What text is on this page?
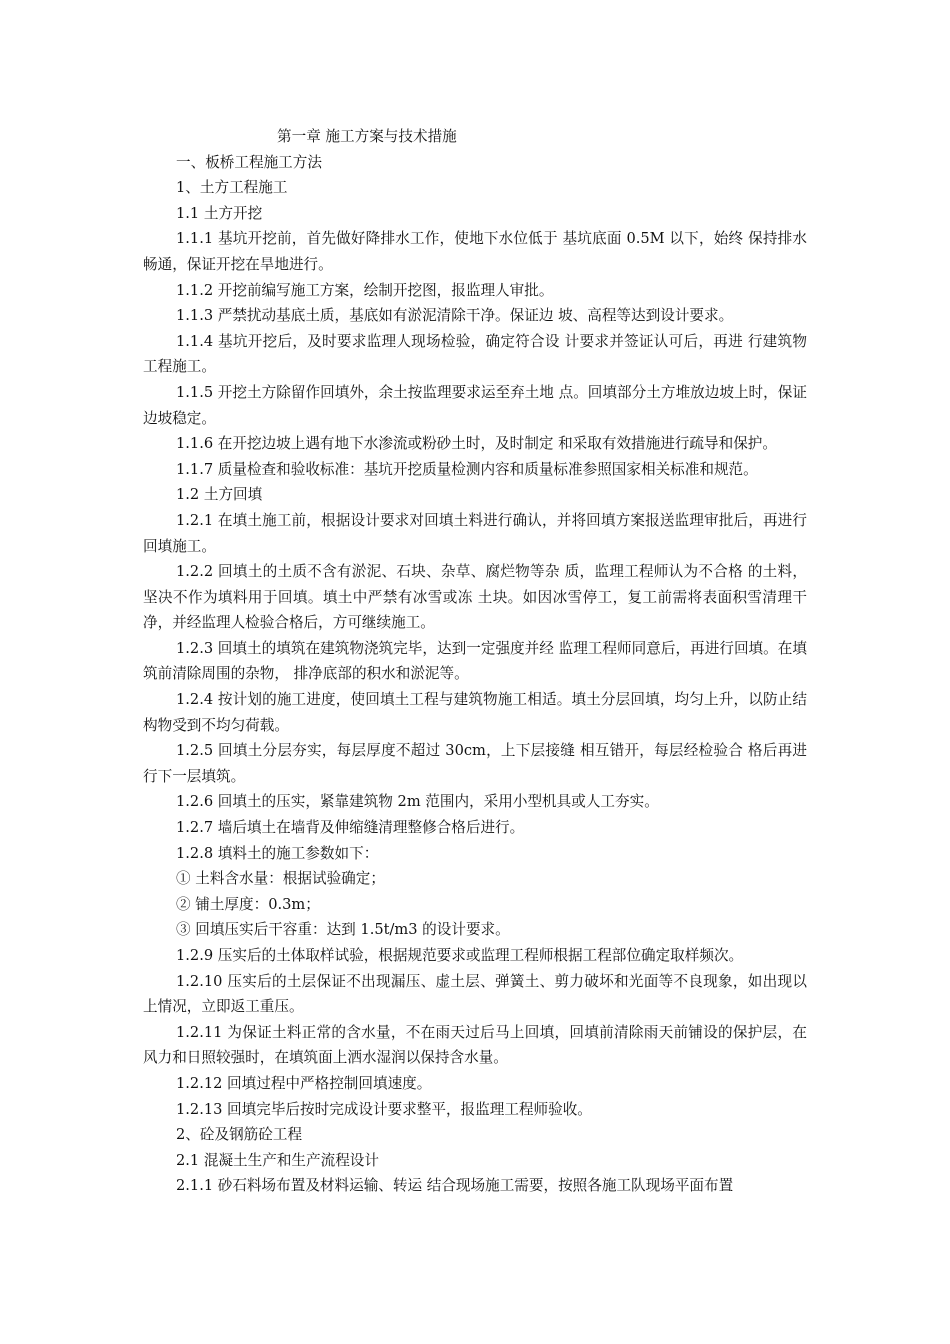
第一章 施工方案与技术措施

一、板桥工程施工方法

1、土方工程施工

1.1 土方开挖

1.1.1 基坑开挖前，首先做好降排水工作，使地下水位低于 基坑底面 0.5M 以下，始终 保持排水畅通，保证开挖在旱地进行。

1.1.2 开挖前编写施工方案，绘制开挖图，报监理人审批。

1.1.3 严禁扰动基底土质，基底如有淤泥清除干净。保证边 坡、高程等达到设计要求。

1.1.4 基坑开挖后，及时要求监理人现场检验，确定符合设 计要求并签证认可后，再进 行建筑物工程施工。

1.1.5 开挖土方除留作回填外，余土按监理要求运至弃土地 点。回填部分土方堆放边坡上时，保证边坡稳定。

1.1.6 在开挖边坡上遇有地下水渗流或粉砂土时，及时制定 和采取有效措施进行疏导和保护。

1.1.7 质量检查和验收标准：基坑开挖质量检测内容和质量标准参照国家相关标准和规范。

1.2 土方回填

1.2.1 在填土施工前，根据设计要求对回填土料进行确认，并将回填方案报送监理审批后，再进行回填施工。

1.2.2 回填土的土质不含有淤泥、石块、杂草、腐烂物等杂 质，监理工程师认为不合格 的土料，坚决不作为填料用于回填。填土中严禁有冰雪或冻 土块。如因冰雪停工，复工前需将表面积雪清理干净，并经监理人检验合格后，方可继续施工。

1.2.3 回填土的填筑在建筑物浇筑完毕，达到一定强度并经 监理工程师同意后，再进行回填。在填筑前清除周围的杂物， 排净底部的积水和淤泥等。

1.2.4 按计划的施工进度，使回填土工程与建筑物施工相适。填土分层回填，均匀上升，以防止结构物受到不均匀荷载。

1.2.5 回填土分层夯实，每层厚度不超过 30cm，上下层接缝 相互错开，每层经检验合 格后再进行下一层填筑。

1.2.6 回填土的压实，紧靠建筑物 2m 范围内，采用小型机具或人工夯实。

1.2.7 墙后填土在墙背及伸缩缝清理整修合格后进行。

1.2.8 填料土的施工参数如下：

① 土料含水量：根据试验确定；

② 铺土厚度：0.3m；

③ 回填压实后干容重：达到 1.5t/m3 的设计要求。

1.2.9 压实后的土体取样试验，根据规范要求或监理工程师根据工程部位确定取样频次。

1.2.10 压实后的土层保证不出现漏压、虚土层、弹簧土、剪力破坏和光面等不良现象，如出现以上情况，立即返工重压。

1.2.11 为保证土料正常的含水量，不在雨天过后马上回填，回填前清除雨天前铺设的保护层，在风力和日照较强时，在填筑面上洒水湿润以保持含水量。

1.2.12 回填过程中严格控制回填速度。

1.2.13 回填完毕后按时完成设计要求整平，报监理工程师验收。

2、砼及钢筋砼工程

2.1 混凝土生产和生产流程设计

2.1.1 砂石料场布置及材料运输、转运 结合现场施工需要，按照各施工队现场平面布置
